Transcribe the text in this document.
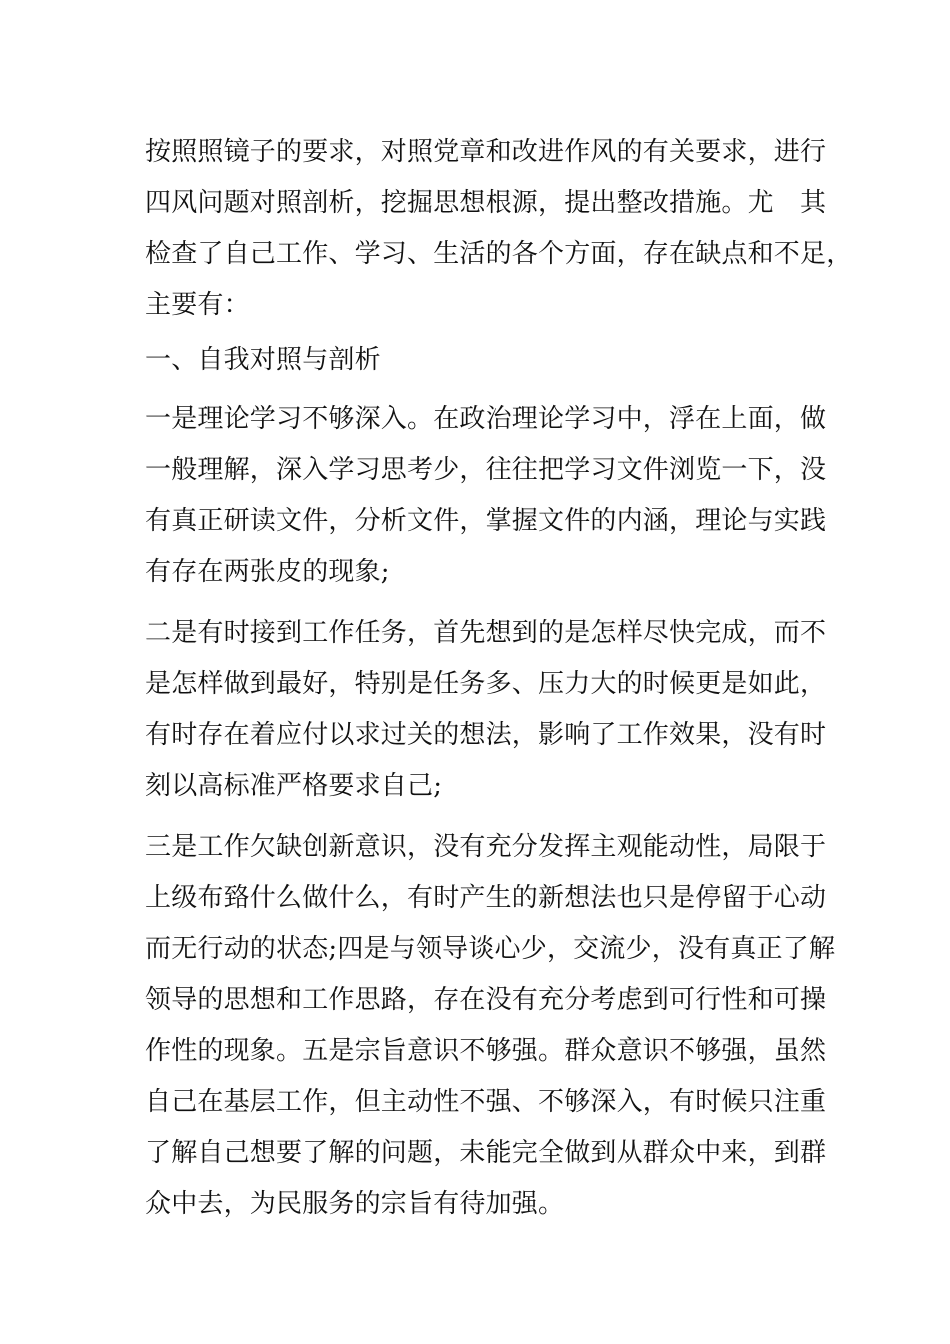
按照照镜子的要求，对照党章和改进作风的有关要求，进行
四风问题对照剖析，挖掘思想根源，提出整改措施。尤　其
检查了自己工作、学习、生活的各个方面，存在缺点和不足，
主要有：
一、自我对照与剖析
一是理论学习不够深入。在政治理论学习中，浮在上面，做
一般理解，深入学习思考少，往往把学习文件浏览一下，没
有真正研读文件，分析文件，掌握文件的内涵，理论与实践
有存在两张皮的现象;
二是有时接到工作任务，首先想到的是怎样尽快完成，而不
是怎样做到最好，特别是任务多、压力大的时候更是如此，
有时存在着应付以求过关的想法，影响了工作效果，没有时
刻以高标准严格要求自己;
三是工作欠缺创新意识，没有充分发挥主观能动性，局限于
上级布臵什么做什么，有时产生的新想法也只是停留于心动
而无行动的状态;四是与领导谈心少，交流少，没有真正了解
领导的思想和工作思路，存在没有充分考虑到可行性和可操
作性的现象。五是宗旨意识不够强。群众意识不够强，虽然
自己在基层工作，但主动性不强、不够深入，有时候只注重
了解自己想要了解的问题，未能完全做到从群众中来，到群
众中去，为民服务的宗旨有待加强。
